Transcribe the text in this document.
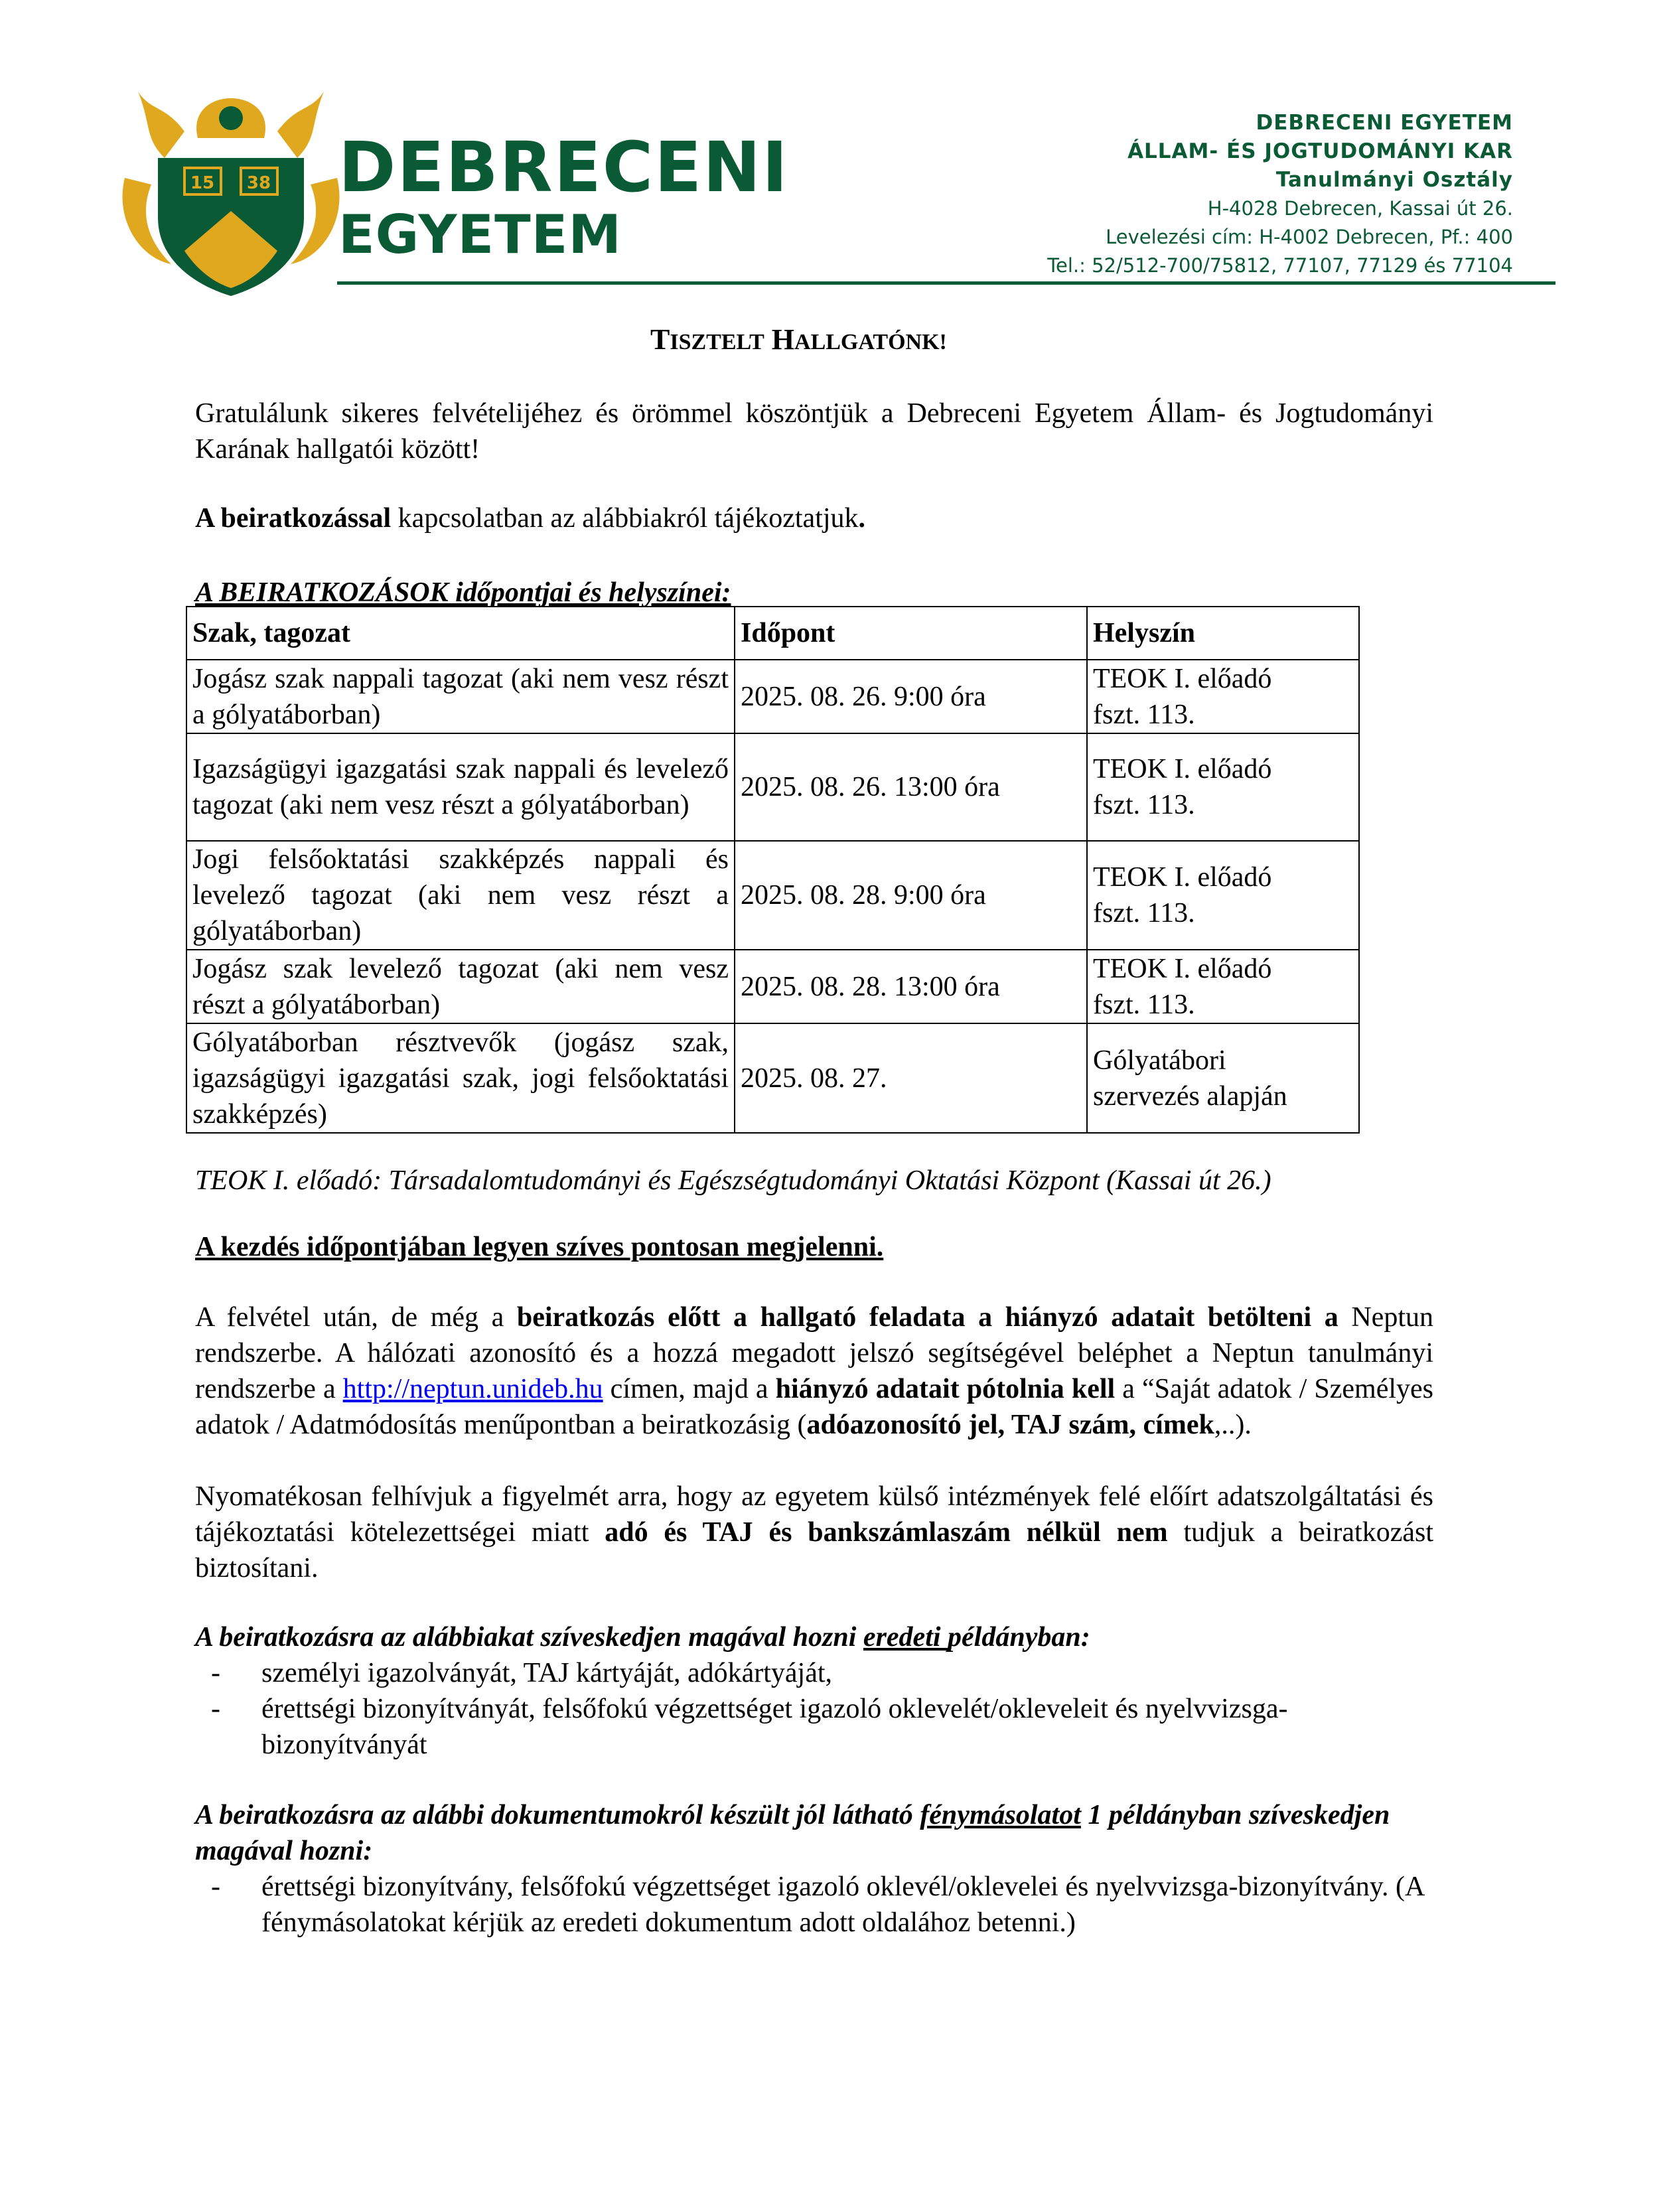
15 38 DEBRECENI
EGYETEM
DEBRECENI EGYETEM
ÁLLAM- ÉS JOGTUDOMÁNYI KAR
Tanulmányi Osztály
H-4028 Debrecen, Kassai út 26.
Levelezési cím: H-4002 Debrecen, Pf.: 400
Tel.: 52/512-700/75812, 77107, 77129 és 77104
TISZTELT HALLGATÓNK!
Gratulálunk sikeres felvételijéhez és örömmel köszöntjük a Debreceni Egyetem Állam- és Jogtudományi Karának hallgatói között!
A beiratkozással kapcsolatban az alábbiakról tájékoztatjuk.
A BEIRATKOZÁSOK időpontjai és helyszínei:
Szak, tagozat	Időpont	Helyszín
Jogász szak nappali tagozat (aki nem vesz részt a gólyatáborban)	2025. 08. 26. 9:00 óra	TEOK I. előadó
fszt. 113.

Igazságügyi igazgatási szak nappali és levelező tagozat (aki nem vesz részt a gólyatáborban)	2025. 08. 26. 13:00 óra	TEOK I. előadó
fszt. 113.

Jogi felsőoktatási szakképzés nappali és levelező tagozat (aki nem vesz részt a gólyatáborban)	2025. 08. 28. 9:00 óra	TEOK I. előadó
fszt. 113.

Jogász szak levelező tagozat (aki nem vesz részt a gólyatáborban)	2025. 08. 28. 13:00 óra	TEOK I. előadó
fszt. 113.

Gólyatáborban résztvevők (jogász szak, igazságügyi igazgatási szak, jogi felsőoktatási szakképzés)	2025. 08. 27.	Gólyatábori
szervezés alapján
TEOK I. előadó: Társadalomtudományi és Egészségtudományi Oktatási Központ (Kassai út 26.)
A kezdés időpontjában legyen szíves pontosan megjelenni.
A felvétel után, de még a beiratkozás előtt a hallgató feladata a hiányzó adatait betölteni a Neptun rendszerbe. A hálózati azonosító és a hozzá megadott jelszó segítségével beléphet a Neptun tanulmányi rendszerbe a http://neptun.unideb.hu címen, majd a hiányzó adatait pótolnia kell a “Saját adatok / Személyes adatok / Adatmódosítás menűpontban a beiratkozásig (adóazonosító jel, TAJ szám, címek,..).
Nyomatékosan felhívjuk a figyelmét arra, hogy az egyetem külső intézmények felé előírt adatszolgáltatási és tájékoztatási kötelezettségei miatt adó és TAJ és bankszámlaszám nélkül nem tudjuk a beiratkozást biztosítani.
A beiratkozásra az alábbiakat szíveskedjen magával hozni eredeti példányban:
- személyi igazolványát, TAJ kártyáját, adókártyáját,
- érettségi bizonyítványát, felsőfokú végzettséget igazoló oklevelét/okleveleit és nyelvvizsga-bizonyítványát
A beiratkozásra az alábbi dokumentumokról készült jól látható fénymásolatot 1 példányban szíveskedjen magával hozni:
- érettségi bizonyítvány, felsőfokú végzettséget igazoló oklevél/oklevelei és nyelvvizsga-bizonyítvány. (A fénymásolatokat kérjük az eredeti dokumentum adott oldalához betenni.)
